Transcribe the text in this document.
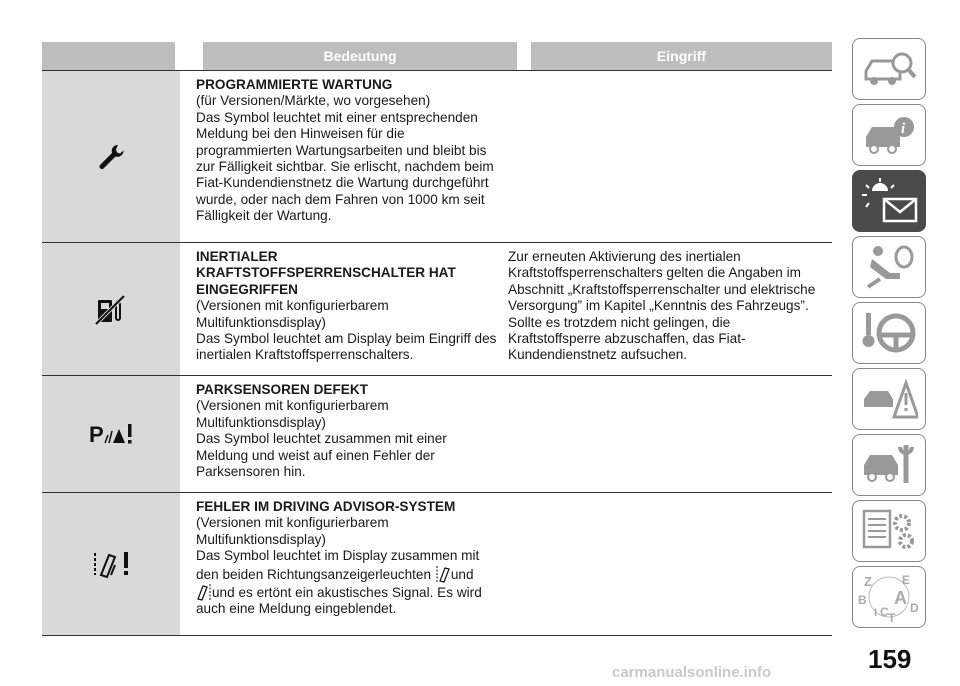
Bedeutung	Eingriff
PROGRAMMIERTE WARTUNG
(für Versionen/Märkte, wo vorgesehen)
Das Symbol leuchtet mit einer entsprechenden Meldung bei den Hinweisen für die programmierten Wartungsarbeiten und bleibt bis zur Fälligkeit sichtbar. Sie erlischt, nachdem beim Fiat-Kundendienstnetz die Wartung durchgeführt wurde, oder nach dem Fahren von 1000 km seit Fälligkeit der Wartung.
INERTIALER KRAFTSTOFFSPERRENSCHALTER HAT EINGEGRIFFEN
(Versionen mit konfigurierbarem Multifunktionsdisplay)
Das Symbol leuchtet am Display beim Eingriff des inertialen Kraftstoffsperrenschalters.
Zur erneuten Aktivierung des inertialen Kraftstoffsperrenschalters gelten die Angaben im Abschnitt „Kraftstoffsperrenschalter und elektrische Versorgung” im Kapitel „Kenntnis des Fahrzeugs”. Sollte es trotzdem nicht gelingen, die Kraftstoffsperre abzuschaffen, das Fiat-Kundendienstnetz aufsuchen.
P
PARKSENSOREN DEFEKT
(Versionen mit konfigurierbarem Multifunktionsdisplay)
Das Symbol leuchtet zusammen mit einer Meldung und weist auf einen Fehler der Parksensoren hin.
FEHLER IM DRIVING ADVISOR-SYSTEM
(Versionen mit konfigurierbarem Multifunktionsdisplay)
Das Symbol leuchtet im Display zusammen mit den beiden Richtungsanzeigerleuchten und
und es ertönt ein akustisches Signal. Es wird auch eine Meldung eingeblendet.
i
Z	E
B A
I C D
T
159
carmanualsonline.info
